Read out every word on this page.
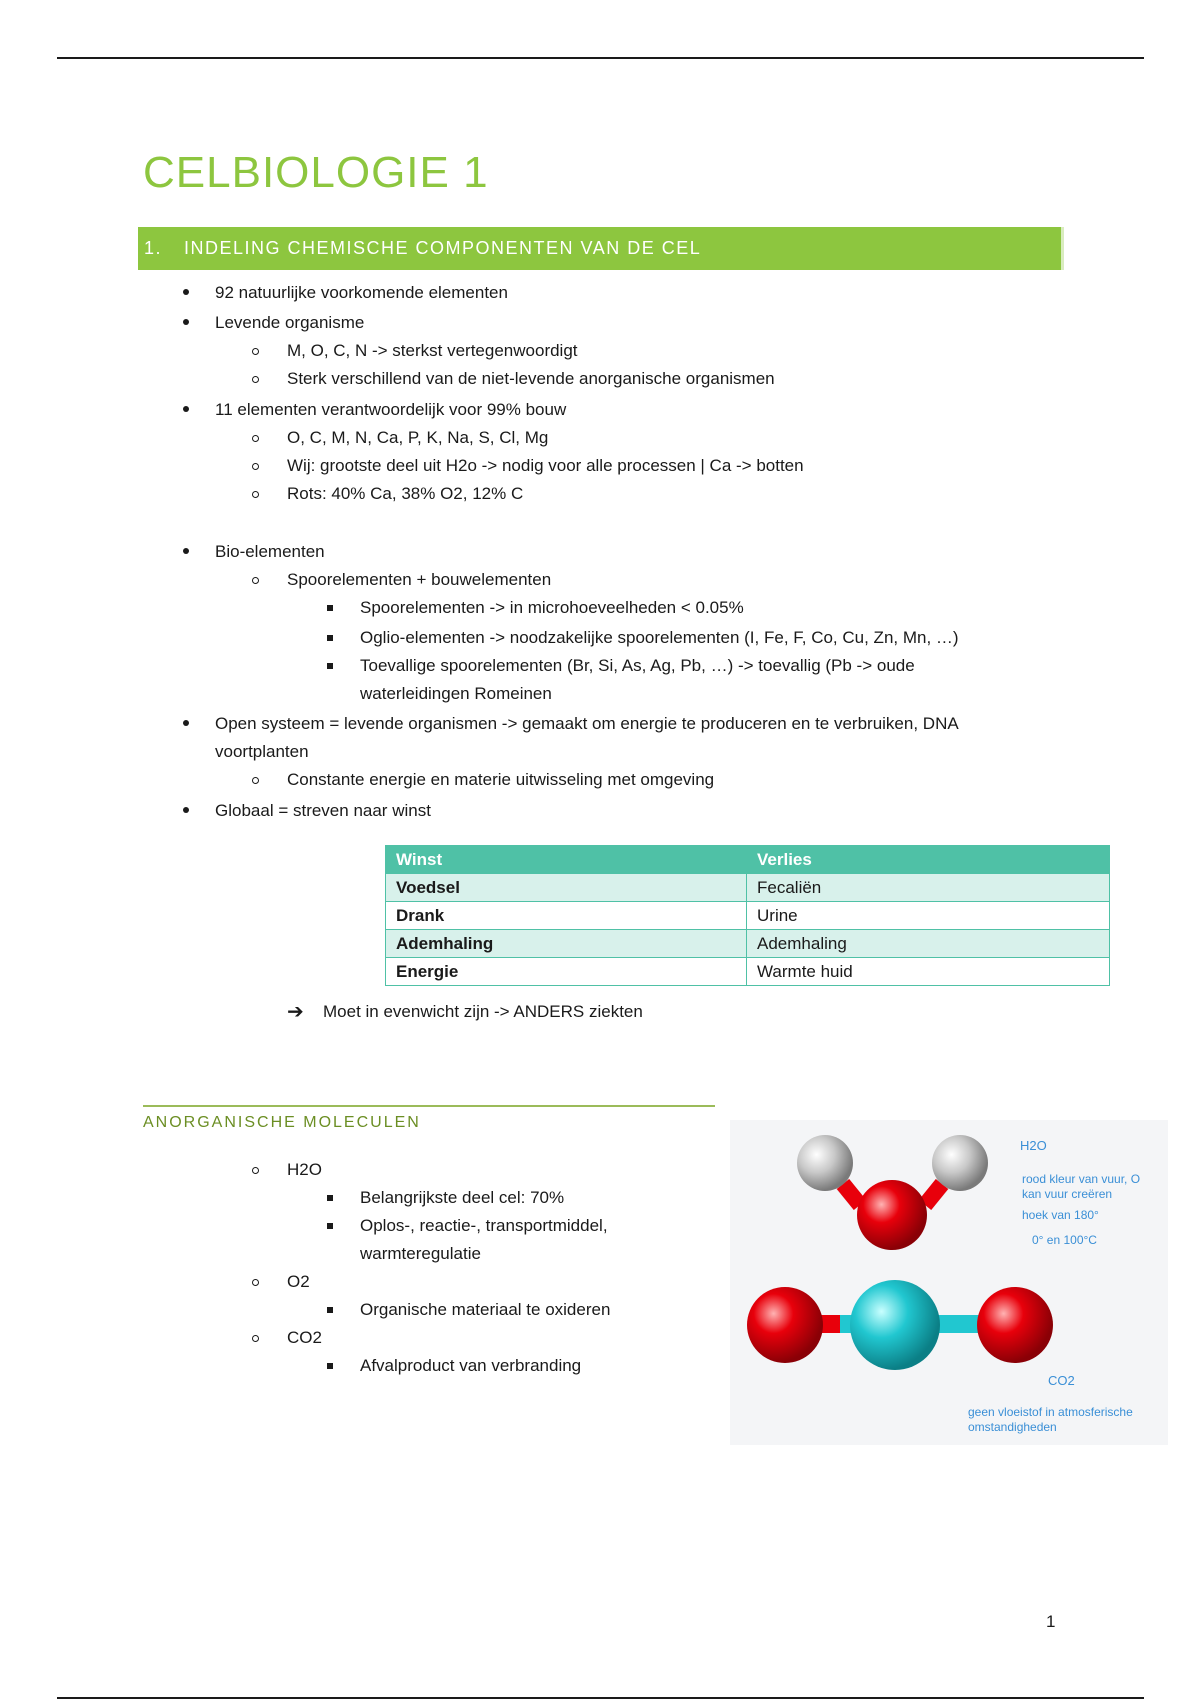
CELBIOLOGIE 1
1. INDELING CHEMISCHE COMPONENTEN VAN DE CEL
92 natuurlijke voorkomende elementen
Levende organisme
M, O, C, N -> sterkst vertegenwoordigt
Sterk verschillend van de niet-levende anorganische organismen
11 elementen verantwoordelijk voor 99% bouw
O, C, M, N, Ca, P, K, Na, S, Cl, Mg
Wij: grootste deel uit H2o -> nodig voor alle processen | Ca -> botten
Rots: 40% Ca, 38% O2, 12% C
Bio-elementen
Spoorelementen + bouwelementen
Spoorelementen -> in microhoeveelheden < 0.05%
Oglio-elementen -> noodzakelijke spoorelementen (I, Fe, F, Co, Cu, Zn, Mn, …)
Toevallige spoorelementen (Br, Si, As, Ag, Pb, …) -> toevallig (Pb -> oude
waterleidingen Romeinen
Open systeem = levende organismen -> gemaakt om energie te produceren en te verbruiken, DNA
voortplanten
Constante energie en materie uitwisseling met omgeving
Globaal = streven naar winst
Winst	Verlies
Voedsel	Fecaliën
Drank	Urine
Ademhaling	Ademhaling
Energie	Warmte huid
➔ Moet in evenwicht zijn -> ANDERS ziekten
ANORGANISCHE MOLECULEN
H2O
Belangrijkste deel cel: 70%
Oplos-, reactie-, transportmiddel,
warmteregulatie
O2
Organische materiaal te oxideren
CO2
Afvalproduct van verbranding
H2O
rood kleur van vuur, O
kan vuur creëren
hoek van 180°
0° en 100°C
CO2
geen vloeistof in atmosferische
omstandigheden
1
